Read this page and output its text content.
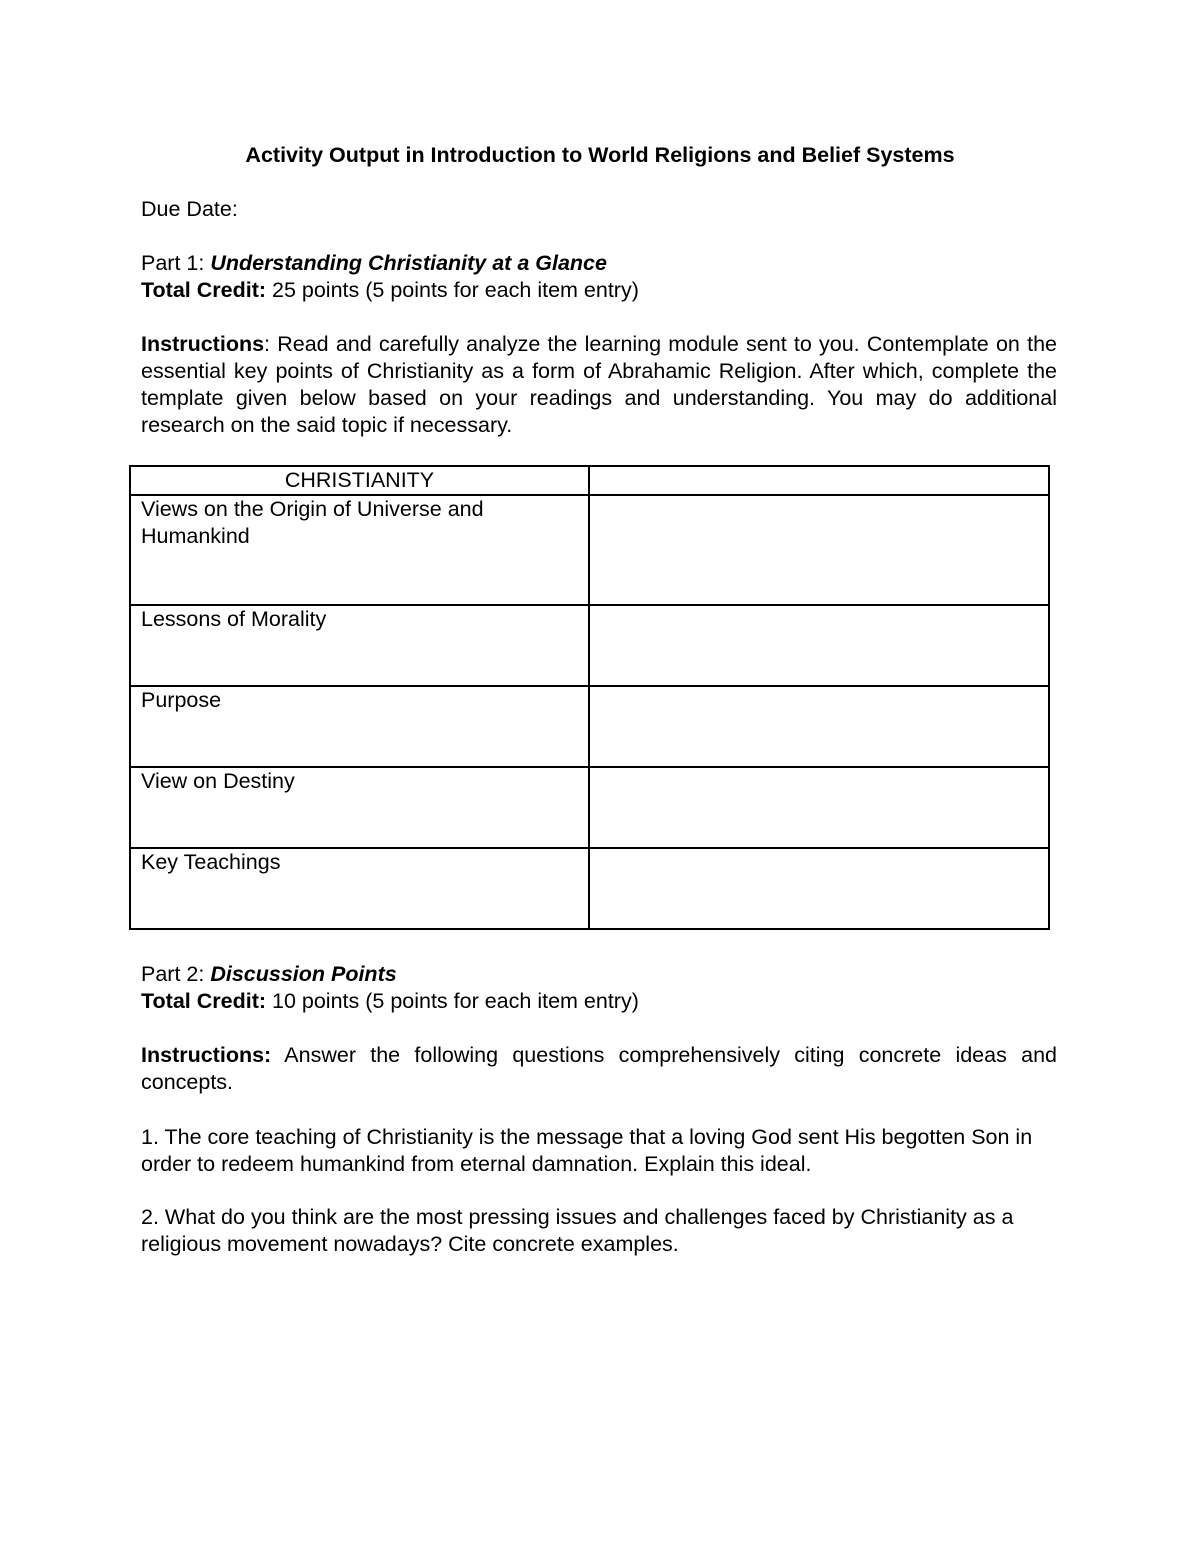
Activity Output in Introduction to World Religions and Belief Systems
Due Date:
Part 1: Understanding Christianity at a Glance
Total Credit: 25 points (5 points for each item entry)

Instructions: Read and carefully analyze the learning module sent to you. Contemplate on the essential key points of Christianity as a form of Abrahamic Religion. After which, complete the template given below based on your readings and understanding. You may do additional research on the said topic if necessary.

CHRISTIANITY	
Views on the Origin of Universe and Humankind	
Lessons of Morality	
Purpose	
View on Destiny	
Key Teachings	
Part 2: Discussion Points
Total Credit: 10 points (5 points for each item entry)

Instructions: Answer the following questions comprehensively citing concrete ideas and concepts.

1. The core teaching of Christianity is the message that a loving God sent His begotten Son in order to redeem humankind from eternal damnation. Explain this ideal.
2. What do you think are the most pressing issues and challenges faced by Christianity as a religious movement nowadays? Cite concrete examples.
